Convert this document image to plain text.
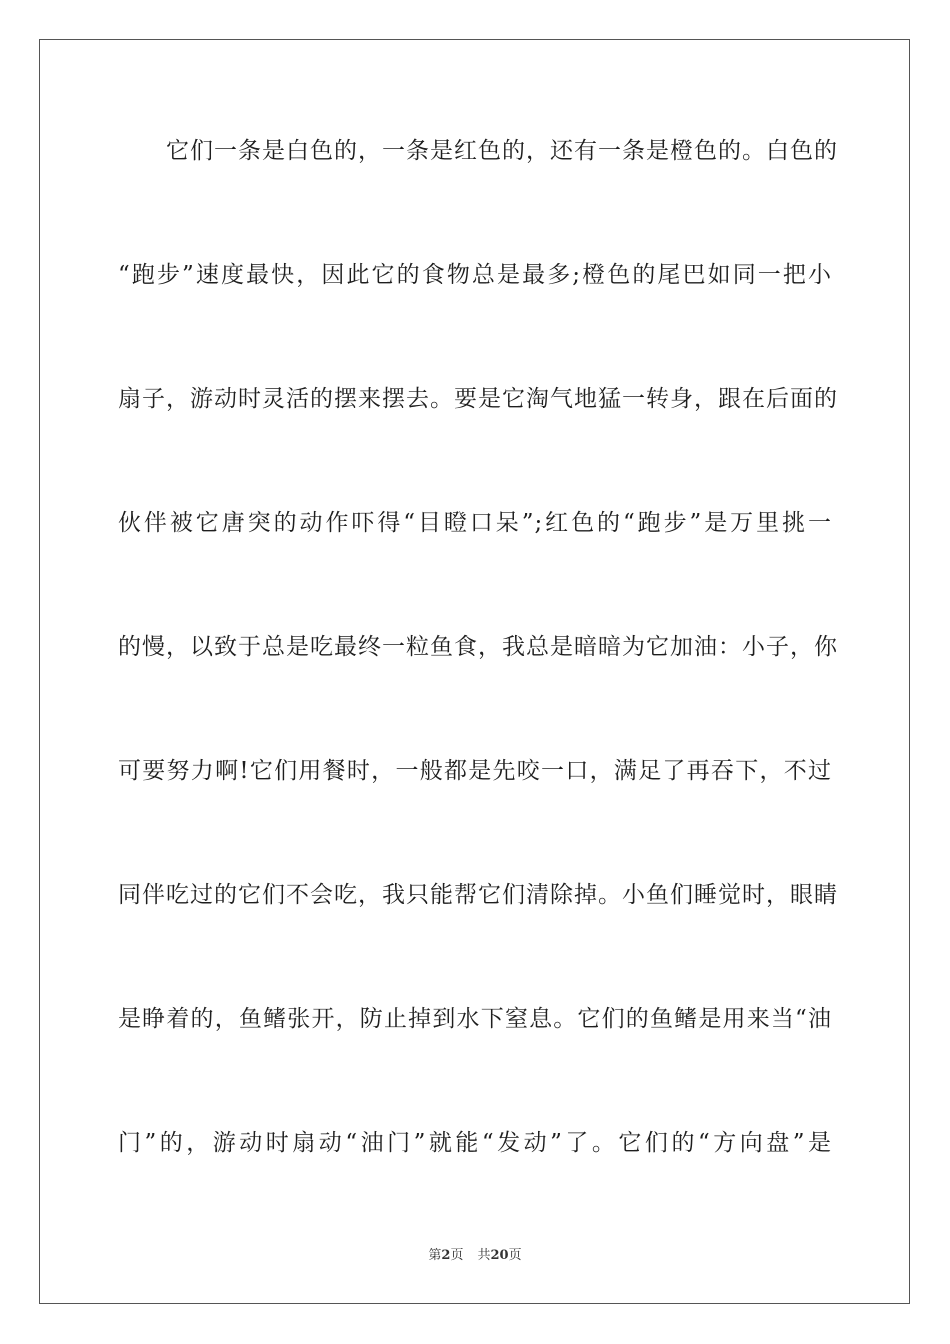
它们一条是白色的，一条是红色的，还有一条是橙色的。白色的
“跑步”速度最快，因此它的食物总是最多;橙色的尾巴如同一把小
扇子，游动时灵活的摆来摆去。要是它淘气地猛一转身，跟在后面的
伙伴被它唐突的动作吓得“目瞪口呆”;红色的“跑步”是万里挑一
的慢，以致于总是吃最终一粒鱼食，我总是暗暗为它加油：小子，你
可要努力啊!它们用餐时，一般都是先咬一口，满足了再吞下，不过
同伴吃过的它们不会吃，我只能帮它们清除掉。小鱼们睡觉时，眼睛
是睁着的，鱼鳍张开，防止掉到水下窒息。它们的鱼鳍是用来当“油
门”的，游动时扇动“油门”就能“发动”了。它们的“方向盘”是
第2页 共20页
